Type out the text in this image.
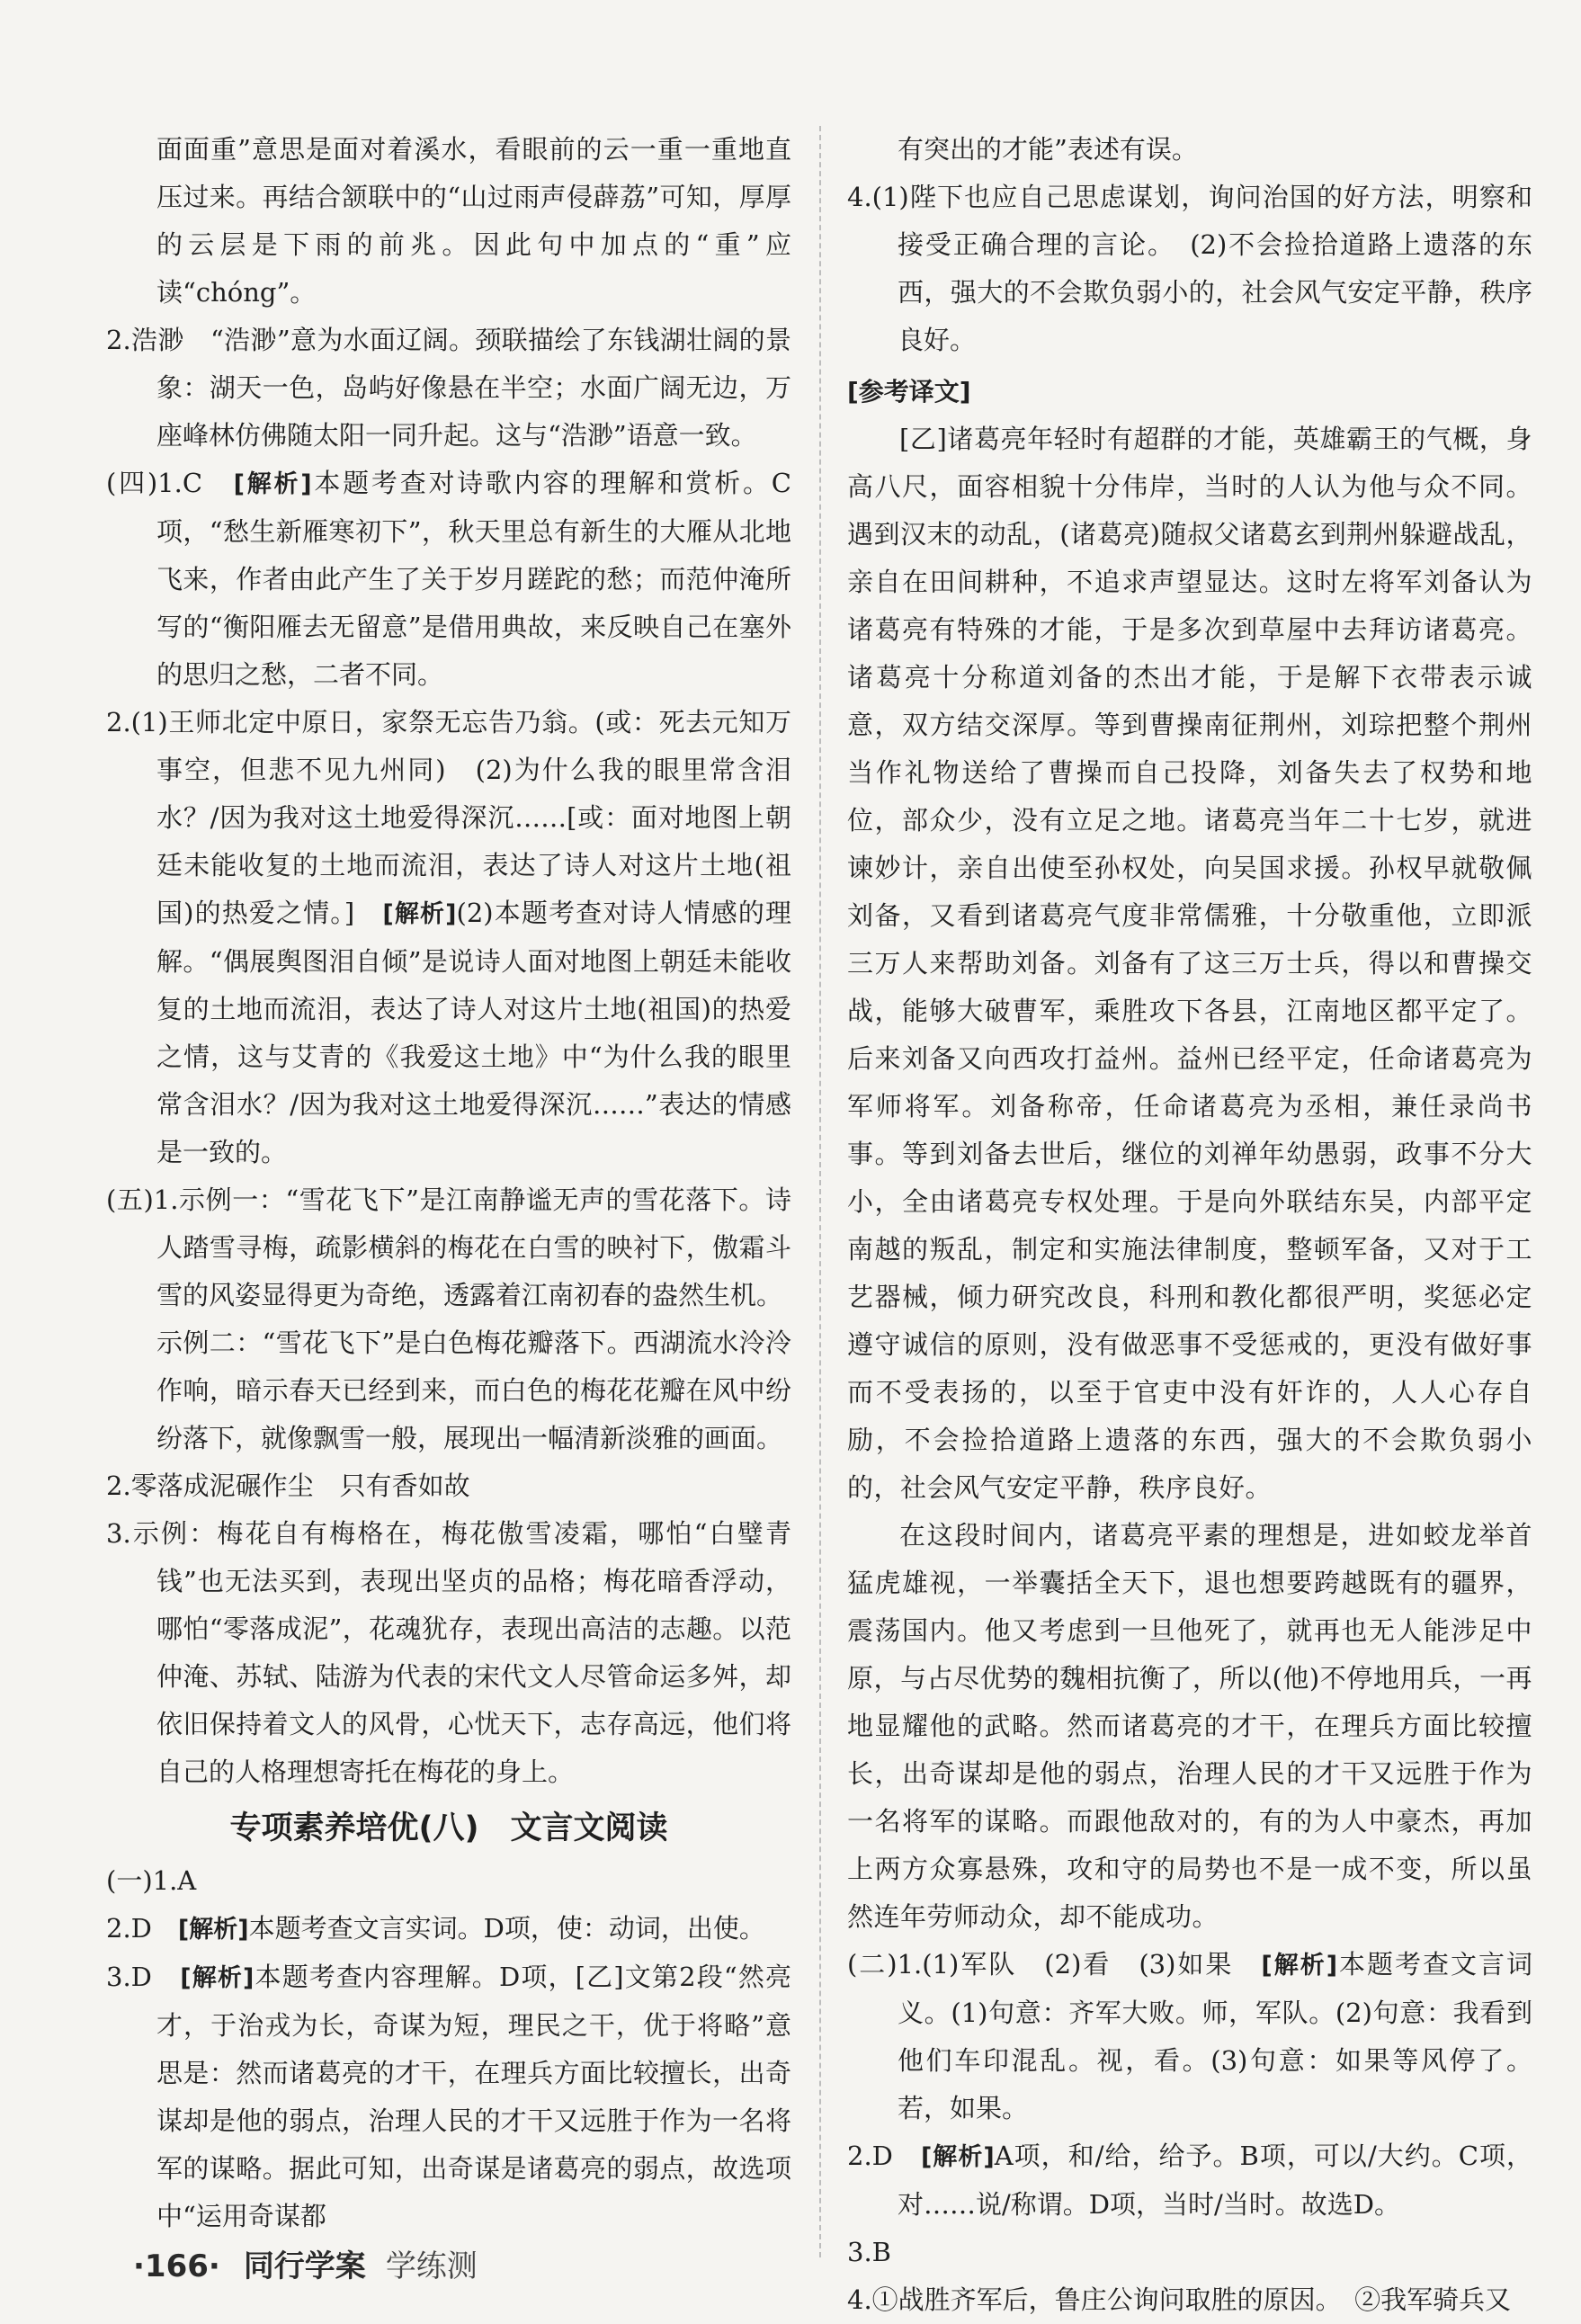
面面重”意思是面对着溪水，看眼前的云一重一重地直压过来。再结合颔联中的“山过雨声侵薜荔”可知，厚厚的云层是下雨的前兆。因此句中加点的“重”应读“chóng”。

2.浩渺　“浩渺”意为水面辽阔。颈联描绘了东钱湖壮阔的景象：湖天一色，岛屿好像悬在半空；水面广阔无边，万座峰林仿佛随太阳一同升起。这与“浩渺”语意一致。

(四)1.C　[解析]本题考查对诗歌内容的理解和赏析。C项，“愁生新雁寒初下”，秋天里总有新生的大雁从北地飞来，作者由此产生了关于岁月蹉跎的愁；而范仲淹所写的“衡阳雁去无留意”是借用典故，来反映自己在塞外的思归之愁，二者不同。

2.(1)王师北定中原日，家祭无忘告乃翁。(或：死去元知万事空，但悲不见九州同)　(2)为什么我的眼里常含泪水？/因为我对这土地爱得深沉……[或：面对地图上朝廷未能收复的土地而流泪，表达了诗人对这片土地(祖国)的热爱之情。]　[解析](2)本题考查对诗人情感的理解。“偶展舆图泪自倾”是说诗人面对地图上朝廷未能收复的土地而流泪，表达了诗人对这片土地(祖国)的热爱之情，这与艾青的《我爱这土地》中“为什么我的眼里常含泪水？/因为我对这土地爱得深沉……”表达的情感是一致的。

(五)1.示例一：“雪花飞下”是江南静谧无声的雪花落下。诗人踏雪寻梅，疏影横斜的梅花在白雪的映衬下，傲霜斗雪的风姿显得更为奇绝，透露着江南初春的盎然生机。

示例二：“雪花飞下”是白色梅花瓣落下。西湖流水泠泠作响，暗示春天已经到来，而白色的梅花花瓣在风中纷纷落下，就像飘雪一般，展现出一幅清新淡雅的画面。

2.零落成泥碾作尘　只有香如故

3.示例：梅花自有梅格在，梅花傲雪凌霜，哪怕“白璧青钱”也无法买到，表现出坚贞的品格；梅花暗香浮动，哪怕“零落成泥”，花魂犹存，表现出高洁的志趣。以范仲淹、苏轼、陆游为代表的宋代文人尽管命运多舛，却依旧保持着文人的风骨，心忧天下，志存高远，他们将自己的人格理想寄托在梅花的身上。

专项素养培优(八)　文言文阅读

(一)1.A

2.D　[解析]本题考查文言实词。D项，使：动词，出使。

3.D　[解析]本题考查内容理解。D项，[乙]文第2段“然亮才，于治戎为长，奇谋为短，理民之干，优于将略”意思是：然而诸葛亮的才干，在理兵方面比较擅长，出奇谋却是他的弱点，治理人民的才干又远胜于作为一名将军的谋略。据此可知，出奇谋是诸葛亮的弱点，故选项中“运用奇谋都

有突出的才能”表述有误。

4.(1)陛下也应自己思虑谋划，询问治国的好方法，明察和接受正确合理的言论。　(2)不会捡拾道路上遗落的东西，强大的不会欺负弱小的，社会风气安定平静，秩序良好。

[参考译文]

[乙]诸葛亮年轻时有超群的才能，英雄霸王的气概，身高八尺，面容相貌十分伟岸，当时的人认为他与众不同。遇到汉末的动乱，(诸葛亮)随叔父诸葛玄到荆州躲避战乱，亲自在田间耕种，不追求声望显达。这时左将军刘备认为诸葛亮有特殊的才能，于是多次到草屋中去拜访诸葛亮。诸葛亮十分称道刘备的杰出才能，于是解下衣带表示诚意，双方结交深厚。等到曹操南征荆州，刘琮把整个荆州当作礼物送给了曹操而自己投降，刘备失去了权势和地位，部众少，没有立足之地。诸葛亮当年二十七岁，就进谏妙计，亲自出使至孙权处，向吴国求援。孙权早就敬佩刘备，又看到诸葛亮气度非常儒雅，十分敬重他，立即派三万人来帮助刘备。刘备有了这三万士兵，得以和曹操交战，能够大破曹军，乘胜攻下各县，江南地区都平定了。后来刘备又向西攻打益州。益州已经平定，任命诸葛亮为军师将军。刘备称帝，任命诸葛亮为丞相，兼任录尚书事。等到刘备去世后，继位的刘禅年幼愚弱，政事不分大小，全由诸葛亮专权处理。于是向外联结东吴，内部平定南越的叛乱，制定和实施法律制度，整顿军备，又对于工艺器械，倾力研究改良，科刑和教化都很严明，奖惩必定遵守诚信的原则，没有做恶事不受惩戒的，更没有做好事而不受表扬的，以至于官吏中没有奸诈的，人人心存自励，不会捡拾道路上遗落的东西，强大的不会欺负弱小的，社会风气安定平静，秩序良好。

在这段时间内，诸葛亮平素的理想是，进如蛟龙举首猛虎雄视，一举囊括全天下，退也想要跨越既有的疆界，震荡国内。他又考虑到一旦他死了，就再也无人能涉足中原，与占尽优势的魏相抗衡了，所以(他)不停地用兵，一再地显耀他的武略。然而诸葛亮的才干，在理兵方面比较擅长，出奇谋却是他的弱点，治理人民的才干又远胜于作为一名将军的谋略。而跟他敌对的，有的为人中豪杰，再加上两方众寡悬殊，攻和守的局势也不是一成不变，所以虽然连年劳师动众，却不能成功。

(二)1.(1)军队　(2)看　(3)如果　[解析]本题考查文言词义。(1)句意：齐军大败。师，军队。(2)句意：我看到他们车印混乱。视，看。(3)句意：如果等风停了。若，如果。

2.D　[解析]A项，和/给，给予。B项，可以/大约。C项，对……说/称谓。D项，当时/当时。故选D。

3.B

4.①战胜齐军后，鲁庄公询问取胜的原因。　②我军骑兵又

·166· 同行学案 学练测
